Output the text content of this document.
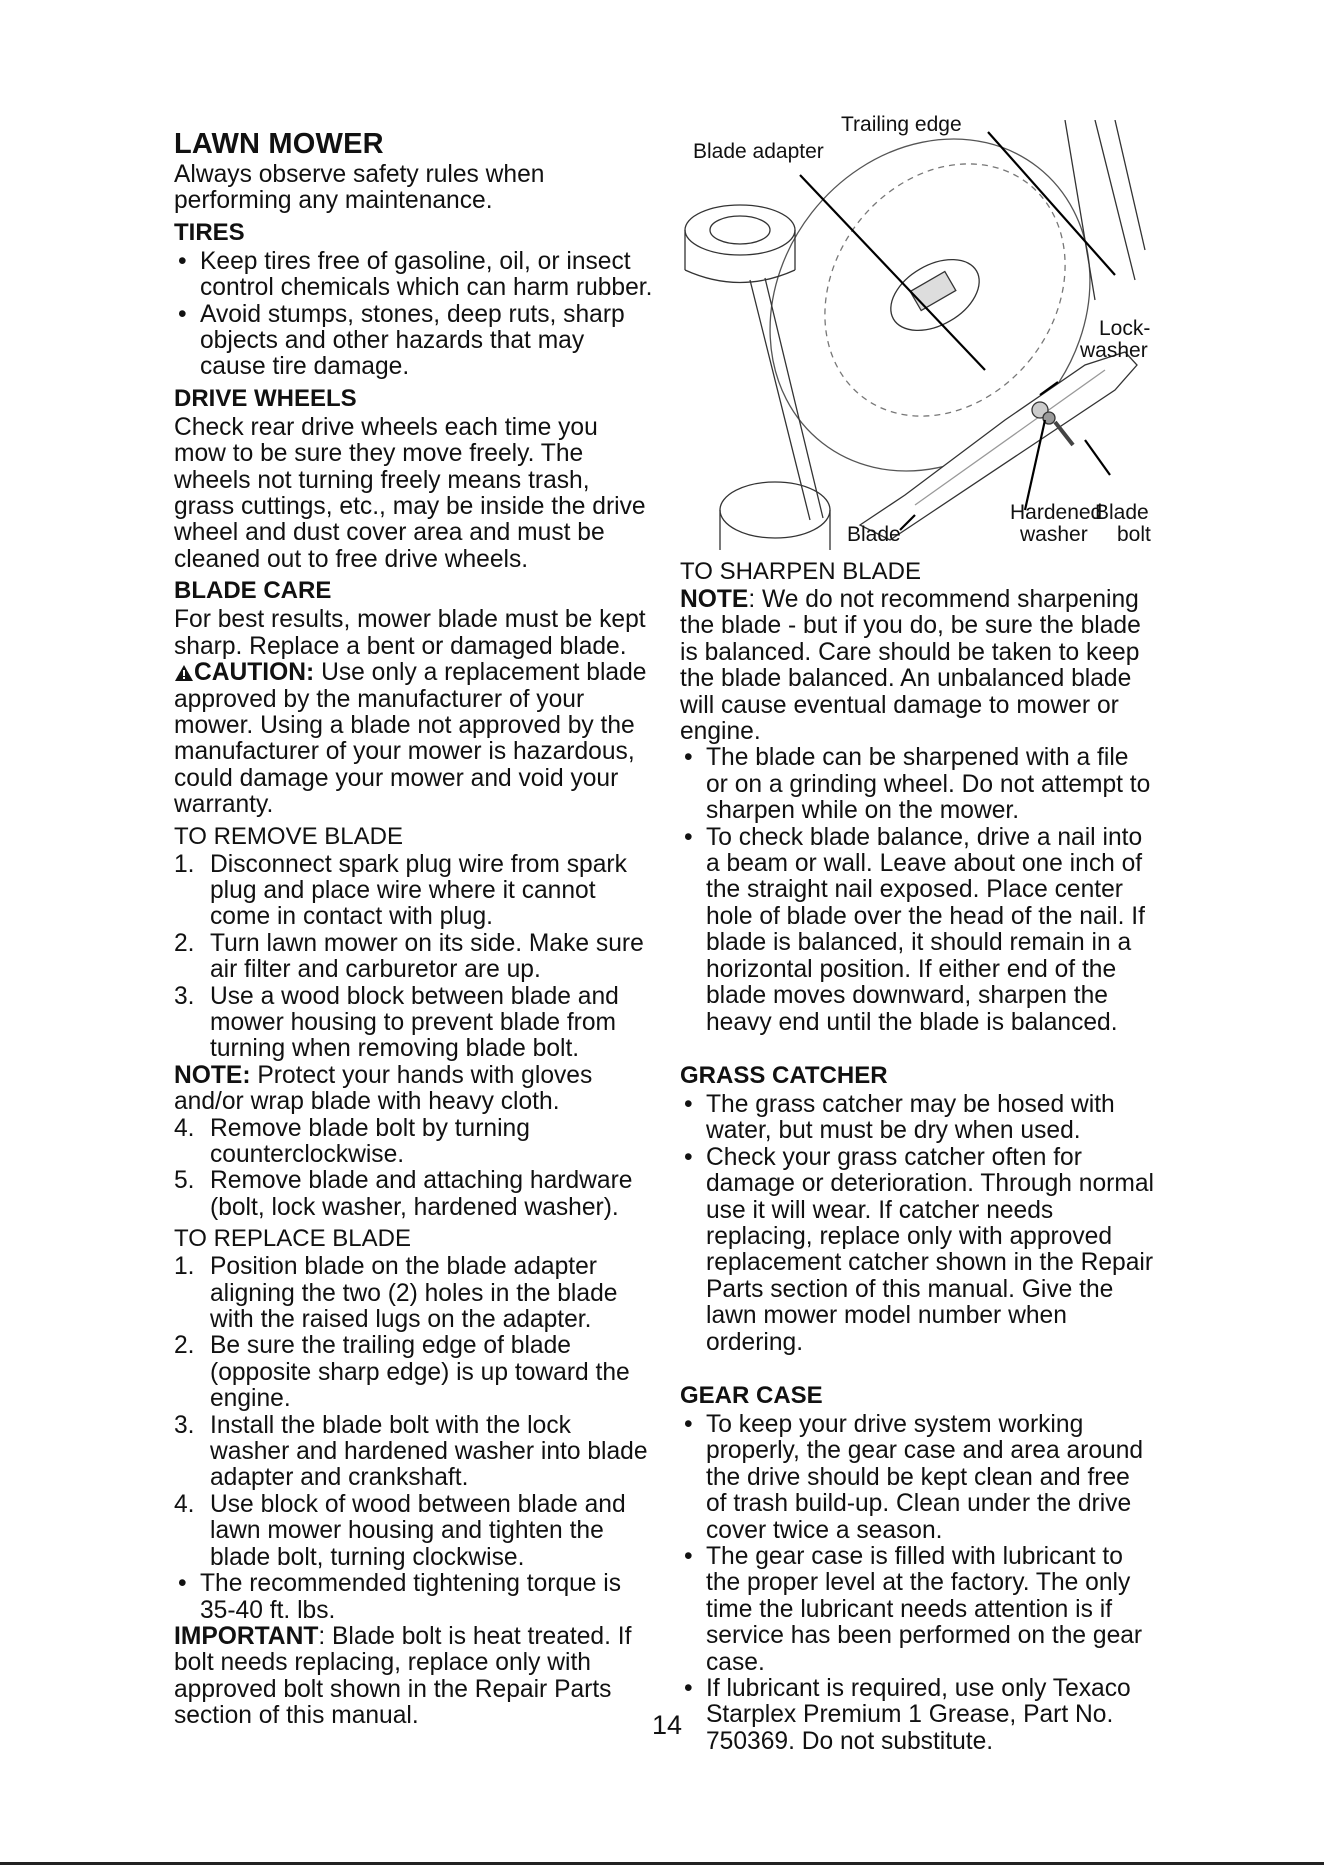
LAWN MOWER

Always observe safety rules when performing any maintenance.

TIRES
• Keep tires free of gasoline, oil, or insect control chemicals which can harm rubber.
• Avoid stumps, stones, deep ruts, sharp objects and other hazards that may cause tire damage.
DRIVE WHEELS

Check rear drive wheels each time you mow to be sure they move freely. The wheels not turning freely means trash, grass cuttings, etc., may be inside the drive wheel and dust cover area and must be cleaned out to free drive wheels.

BLADE CARE

For best results, mower blade must be kept sharp. Replace a bent or damaged blade.
CAUTION: Use only a replacement blade approved by the manufacturer of your mower. Using a blade not approved by the manufacturer of your mower is hazardous, could damage your mower and void your warranty.

TO REMOVE BLADE

1. Disconnect spark plug wire from spark plug and place wire where it cannot come in contact with plug.
2. Turn lawn mower on its side. Make sure air filter and carburetor are up.
3. Use a wood block between blade and mower housing to prevent blade from turning when removing blade bolt.

NOTE: Protect your hands with gloves and/or wrap blade with heavy cloth.

4. Remove blade bolt by turning counterclockwise.
5. Remove blade and attaching hardware (bolt, lock washer, hardened washer).

TO REPLACE BLADE

1. Position blade on the blade adapter aligning the two (2) holes in the blade with the raised lugs on the adapter.
2. Be sure the trailing edge of blade (opposite sharp edge) is up toward the engine.
3. Install the blade bolt with the lock washer and hardened washer into blade adapter and crankshaft.
4. Use block of wood between blade and lawn mower housing and tighten the blade bolt, turning clockwise.
• The recommended tightening torque is 35-40 ft. lbs.

IMPORTANT: Blade bolt is heat treated. If bolt needs replacing, replace only with approved bolt shown in the Repair Parts section of this manual.

Trailing edge
Blade adapter
Lock-
washer
Hardened
washer
Blade
bolt
Blade

TO SHARPEN BLADE

NOTE: We do not recommend sharpening the blade - but if you do, be sure the blade is balanced. Care should be taken to keep the blade balanced. An unbalanced blade will cause eventual damage to mower or engine.

• The blade can be sharpened with a file or on a grinding wheel. Do not attempt to sharpen while on the mower.
• To check blade balance, drive a nail into a beam or wall. Leave about one inch of the straight nail exposed. Place center hole of blade over the head of the nail. If blade is balanced, it should remain in a horizontal position. If either end of the blade moves downward, sharpen the heavy end until the blade is balanced.
GRASS CATCHER
• The grass catcher may be hosed with water, but must be dry when used.
• Check your grass catcher often for damage or deterioration. Through normal use it will wear. If catcher needs replacing, replace only with approved replacement catcher shown in the Repair Parts section of this manual. Give the lawn mower model number when ordering.
GEAR CASE
• To keep your drive system working properly, the gear case and area around the drive should be kept clean and free of trash build-up. Clean under the drive cover twice a season.
• The gear case is filled with lubricant to the proper level at the factory. The only time the lubricant needs attention is if service has been performed on the gear case.
• If lubricant is required, use only Texaco Starplex Premium 1 Grease, Part No. 750369. Do not substitute.
14
